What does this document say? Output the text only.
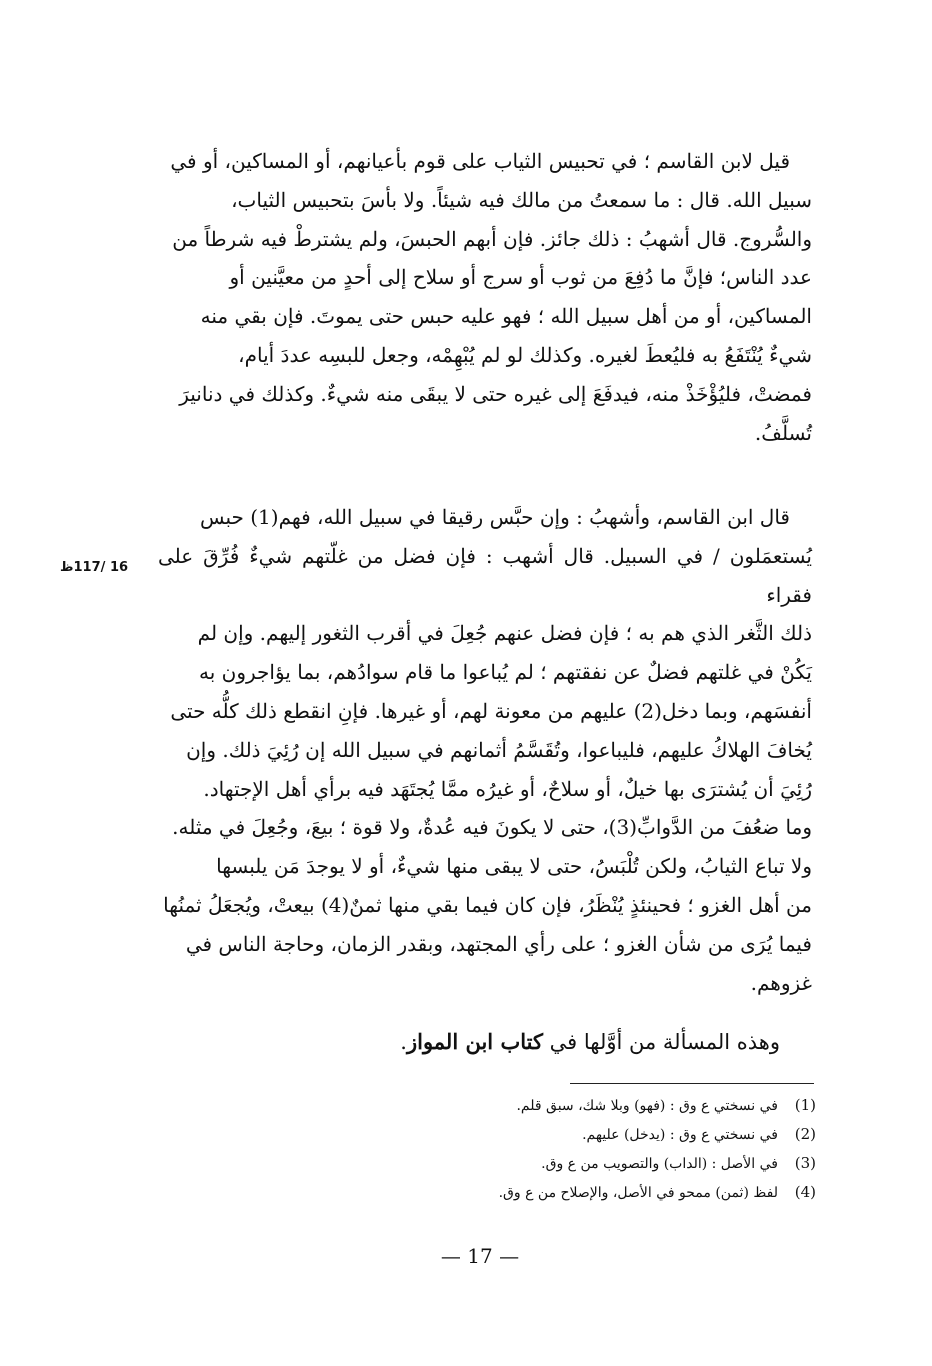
قيل لابن القاسم ؛ في تحبيس الثياب على قوم بأعيانهم، أو المساكين، أو في
سبيل الله. قال : ما سمعتُ من مالك فيه شيئاً. ولا بأسَ بتحبيس الثياب،
والسُّروج. قال أشهبُ : ذلك جائز. فإن أبهم الحبسَ، ولم يشترطْ فيه شرطاً من
عدد الناس؛ فإنَّ ما دُفِعَ من ثوب أو سرج أو سلاح إلى أحدٍ من معيَّنين أو
المساكين، أو من أهل سبيل الله ؛ فهو عليه حبس حتى يموتَ. فإن بقي منه
شيءٌ يُنْتَفَعُ به فليُعطَ لغيره. وكذلك لو لم يُبْهِمْه، وجعل للبسِه عددَ أيام،
فمضتْ، فليُؤْخَذْ منه، فيدفَعَ إلى غيره حتى لا يبقَى منه شيءٌ. وكذلك في دنانيرَ
تُسلَّفُ.
قال ابن القاسم، وأشهبُ : وإن حبَّس رقيقا في سبيل الله، فهم(1) حبس
يُستعمَلون / في السبيل. قال أشهب : فإن فضل من غلّتهم شيءٌ فُرِّقَ على فقراء
ذلك الثَّغر الذي هم به ؛ فإن فضل عنهم جُعِلَ في أقرب الثغور إليهم. وإن لم
يَكُنْ في غلتهم فضلٌ عن نفقتهم ؛ لم يُباعوا ما قام سوادُهم، بما يؤاجرون به
أنفسَهم، وبما دخل(2) عليهم من معونة لهم، أو غيرها. فإنِ انقطع ذلك كلُّه حتى
يُخافَ الهلاكُ عليهم، فليباعوا، وتُقَسَّمُ أثمانهم في سبيل الله إن رُئِيَ ذلك. وإن
رُئِيَ أن يُشترَى بها خيلٌ، أو سلاحٌ، أو غيرُه ممَّا يُجتَهَد فيه برأي أهل الإجتهاد.
وما ضعُفَ من الدَّوابِّ(3)، حتى لا يكونَ فيه عُدةٌ، ولا قوة ؛ بيعَ، وجُعِلَ في مثله.
ولا تباع الثيابُ، ولكن تُلْبَسُ، حتى لا يبقى منها شيءٌ، أو لا يوجدَ مَن يلبسها
من أهل الغزو ؛ فحينئذٍ يُنْظَرُ، فإن كان فيما بقي منها ثمنٌ(4) بيعتْ، ويُجعَلُ ثمنُها
فيما يُرَى من شأن الغزو ؛ على رأي المجتهد، وبقدر الزمان، وحاجة الناس في
غزوهم.

وهذه المسألة من أوَّلها في كتاب ابن المواز.

16 /117ظ
(1)
في نسختي ع وق : (فهو) وبلا شك، سبق قلم.
(2)
في نسختي ع وق : (يدخل) عليهم.
(3)
في الأصل : (الداب) والتصويب من ع وق.
(4)
لفظ (ثمن) ممحو في الأصل، والإصلاح من ع وق.
— 17 —
